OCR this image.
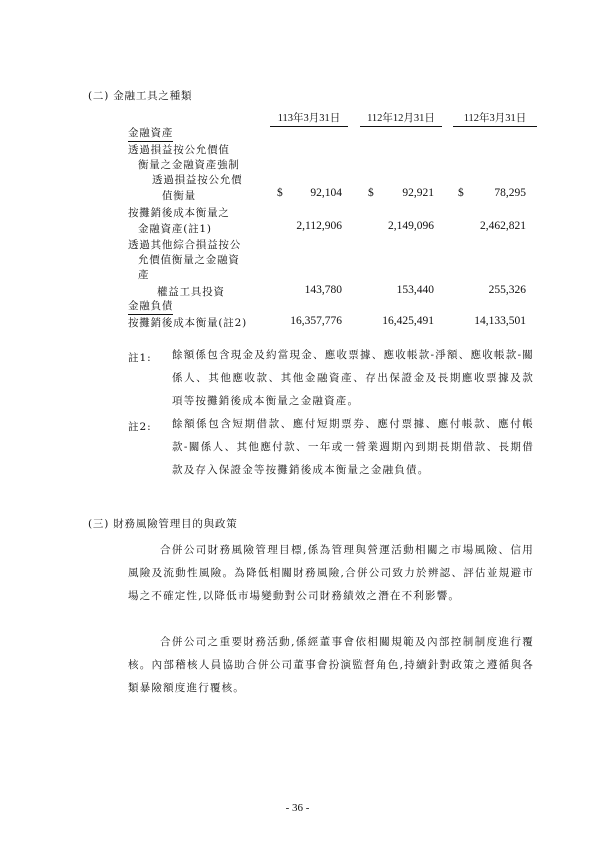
(二) 金融工具之種類
113年3月31日	112年12月31日	112年3月31日
金融資產
透過損益按公允價值
衡量之金融資產強制
透過損益按公允價
值衡量	$	92,104 $	92,921 $	78,295
按攤銷後成本衡量之
金融資產(註1)	2,112,906	2,149,096	2,462,821
透過其他綜合損益按公
允價值衡量之金融資
產
權益工具投資	143,780	153,440	255,326
金融負債
按攤銷後成本衡量(註2)	16,357,776	16,425,491	14,133,501
註1: 餘額係包含現金及約當現金、應收票據、應收帳款-淨額、應收帳款-關係人、其他應收款、其他金融資產、存出保證金及長期應收票據及款項等按攤銷後成本衡量之金融資產。
註2: 餘額係包含短期借款、應付短期票券、應付票據、應付帳款、應付帳款-關係人、其他應付款、一年或一營業週期內到期長期借款、長期借款及存入保證金等按攤銷後成本衡量之金融負債。
(三) 財務風險管理目的與政策
合併公司財務風險管理目標,係為管理與營運活動相關之市場風險、信用風險及流動性風險。為降低相關財務風險,合併公司致力於辨認、評估並規避市場之不確定性,以降低市場變動對公司財務績效之潛在不利影響。
合併公司之重要財務活動,係經董事會依相關規範及內部控制制度進行覆核。內部稽核人員協助合併公司董事會扮演監督角色,持續針對政策之遵循與各類暴險額度進行覆核。
- 36 -
